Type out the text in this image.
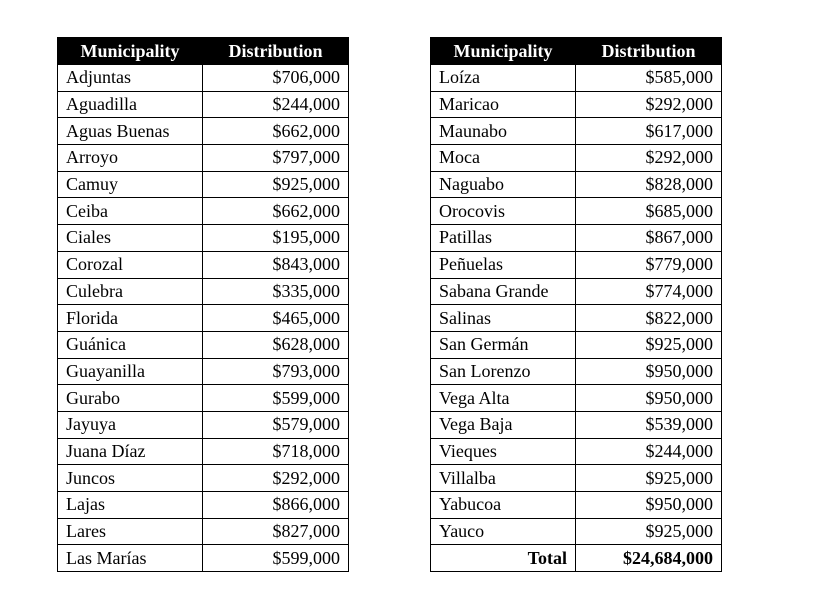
Municipality	Distribution
Adjuntas	$706,000
Aguadilla	$244,000
Aguas Buenas	$662,000
Arroyo	$797,000
Camuy	$925,000
Ceiba	$662,000
Ciales	$195,000
Corozal	$843,000
Culebra	$335,000
Florida	$465,000
Guánica	$628,000
Guayanilla	$793,000
Gurabo	$599,000
Jayuya	$579,000
Juana Díaz	$718,000
Juncos	$292,000
Lajas	$866,000
Lares	$827,000
Las Marías	$599,000
Municipality	Distribution
Loíza	$585,000
Maricao	$292,000
Maunabo	$617,000
Moca	$292,000
Naguabo	$828,000
Orocovis	$685,000
Patillas	$867,000
Peñuelas	$779,000
Sabana Grande	$774,000
Salinas	$822,000
San Germán	$925,000
San Lorenzo	$950,000
Vega Alta	$950,000
Vega Baja	$539,000
Vieques	$244,000
Villalba	$925,000
Yabucoa	$950,000
Yauco	$925,000
Total	$24,684,000
